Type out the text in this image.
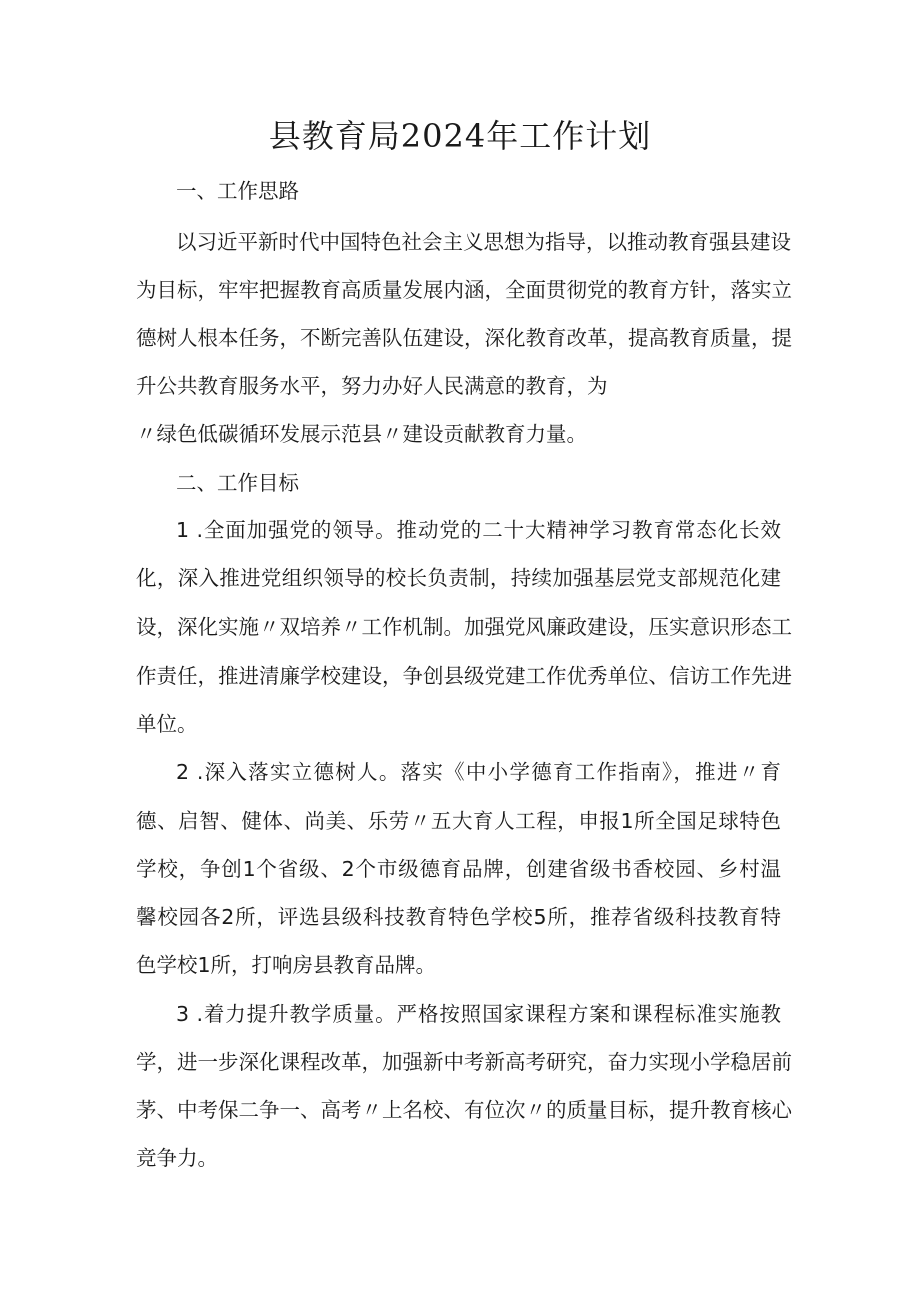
县教育局2024年工作计划
一、工作思路
以习近平新时代中国特色社会主义思想为指导，以推动教育强县建设
为目标，牢牢把握教育高质量发展内涵，全面贯彻党的教育方针，落实立
德树人根本任务，不断完善队伍建设，深化教育改革，提高教育质量，提
升公共教育服务水平，努力办好人民满意的教育，为
〃绿色低碳循环发展示范县〃建设贡献教育力量。
二、工作目标
1 .全面加强党的领导。推动党的二十大精神学习教育常态化长效
化，深入推进党组织领导的校长负责制，持续加强基层党支部规范化建
设，深化实施〃双培养〃工作机制。加强党风廉政建设，压实意识形态工
作责任，推进清廉学校建设，争创县级党建工作优秀单位、信访工作先进
单位。
2 .深入落实立德树人。落实《中小学德育工作指南》，推进〃育
德、启智、健体、尚美、乐劳〃五大育人工程，申报1所全国足球特色
学校，争创1个省级、2个市级德育品牌，创建省级书香校园、乡村温
馨校园各2所，评选县级科技教育特色学校5所，推荐省级科技教育特
色学校1所，打响房县教育品牌。
3 .着力提升教学质量。严格按照国家课程方案和课程标准实施教
学，进一步深化课程改革，加强新中考新高考研究，奋力实现小学稳居前
茅、中考保二争一、高考〃上名校、有位次〃的质量目标，提升教育核心
竞争力。
